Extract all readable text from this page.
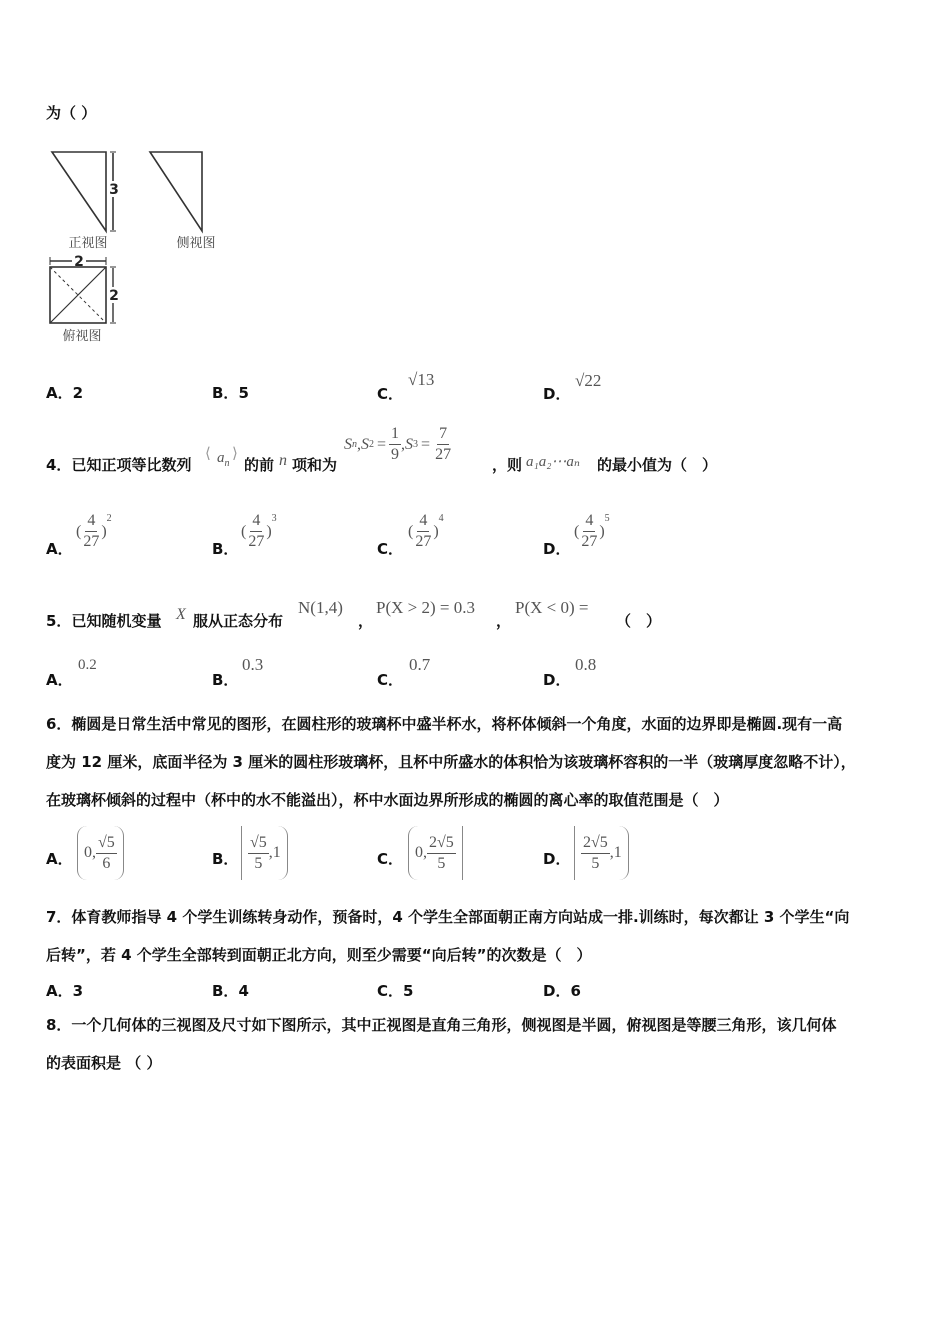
为（ ）
3
正视图	侧视图
2
2
俯视图
A．2	B．5	C．
√13
D．
√22
4．已知正项等比数列
⟨ $a_n$
⟩
的前 n 项和为
S n , S $2 = \frac{1}{9}$ , S $3 = \frac{7}{27}$
，则 a₁a₂⋯aₙ 的最小值为（　）
A．
( $\frac{4}{27}$ )
$^2$
B．
( $\frac{4}{27}$ )
$^3$
C．
( $\frac{4}{27}$ )
$^4$
D．
( $\frac{4}{27}$ )
$^5$
5．已知随机变量 X 服从正态分布
N(1,4)
，
P(X > 2) = 0.3
，
P(X < 0) =
（　）
A．
0.2
B．
0.3
C．
0.7
D．
0.8
6．椭圆是日常生活中常见的图形，在圆柱形的玻璃杯中盛半杯水，将杯体倾斜一个角度，水面的边界即是椭圆.现有一高
度为 12 厘米，底面半径为 3 厘米的圆柱形玻璃杯，且杯中所盛水的体积恰为该玻璃杯容积的一半（玻璃厚度忽略不计），
在玻璃杯倾斜的过程中（杯中的水不能溢出），杯中水面边界所形成的椭圆的离心率的取值范围是（　）
A． 0, $\frac{√5}{6}$	B． $\frac{√5}{5} ,1$	C． 0, $\frac{2√5}{5}$	D． $\frac{2√5}{5} ,1$
7．体育教师指导 4 个学生训练转身动作，预备时，4 个学生全部面朝正南方向站成一排.训练时，每次都让 3 个学生“向
后转”，若 4 个学生全部转到面朝正北方向，则至少需要“向后转”的次数是（　）
A．3	B．4	C．5	D．6
8．一个几何体的三视图及尺寸如下图所示，其中正视图是直角三角形，侧视图是半圆，俯视图是等腰三角形，该几何体
的表面积是 （ ）
